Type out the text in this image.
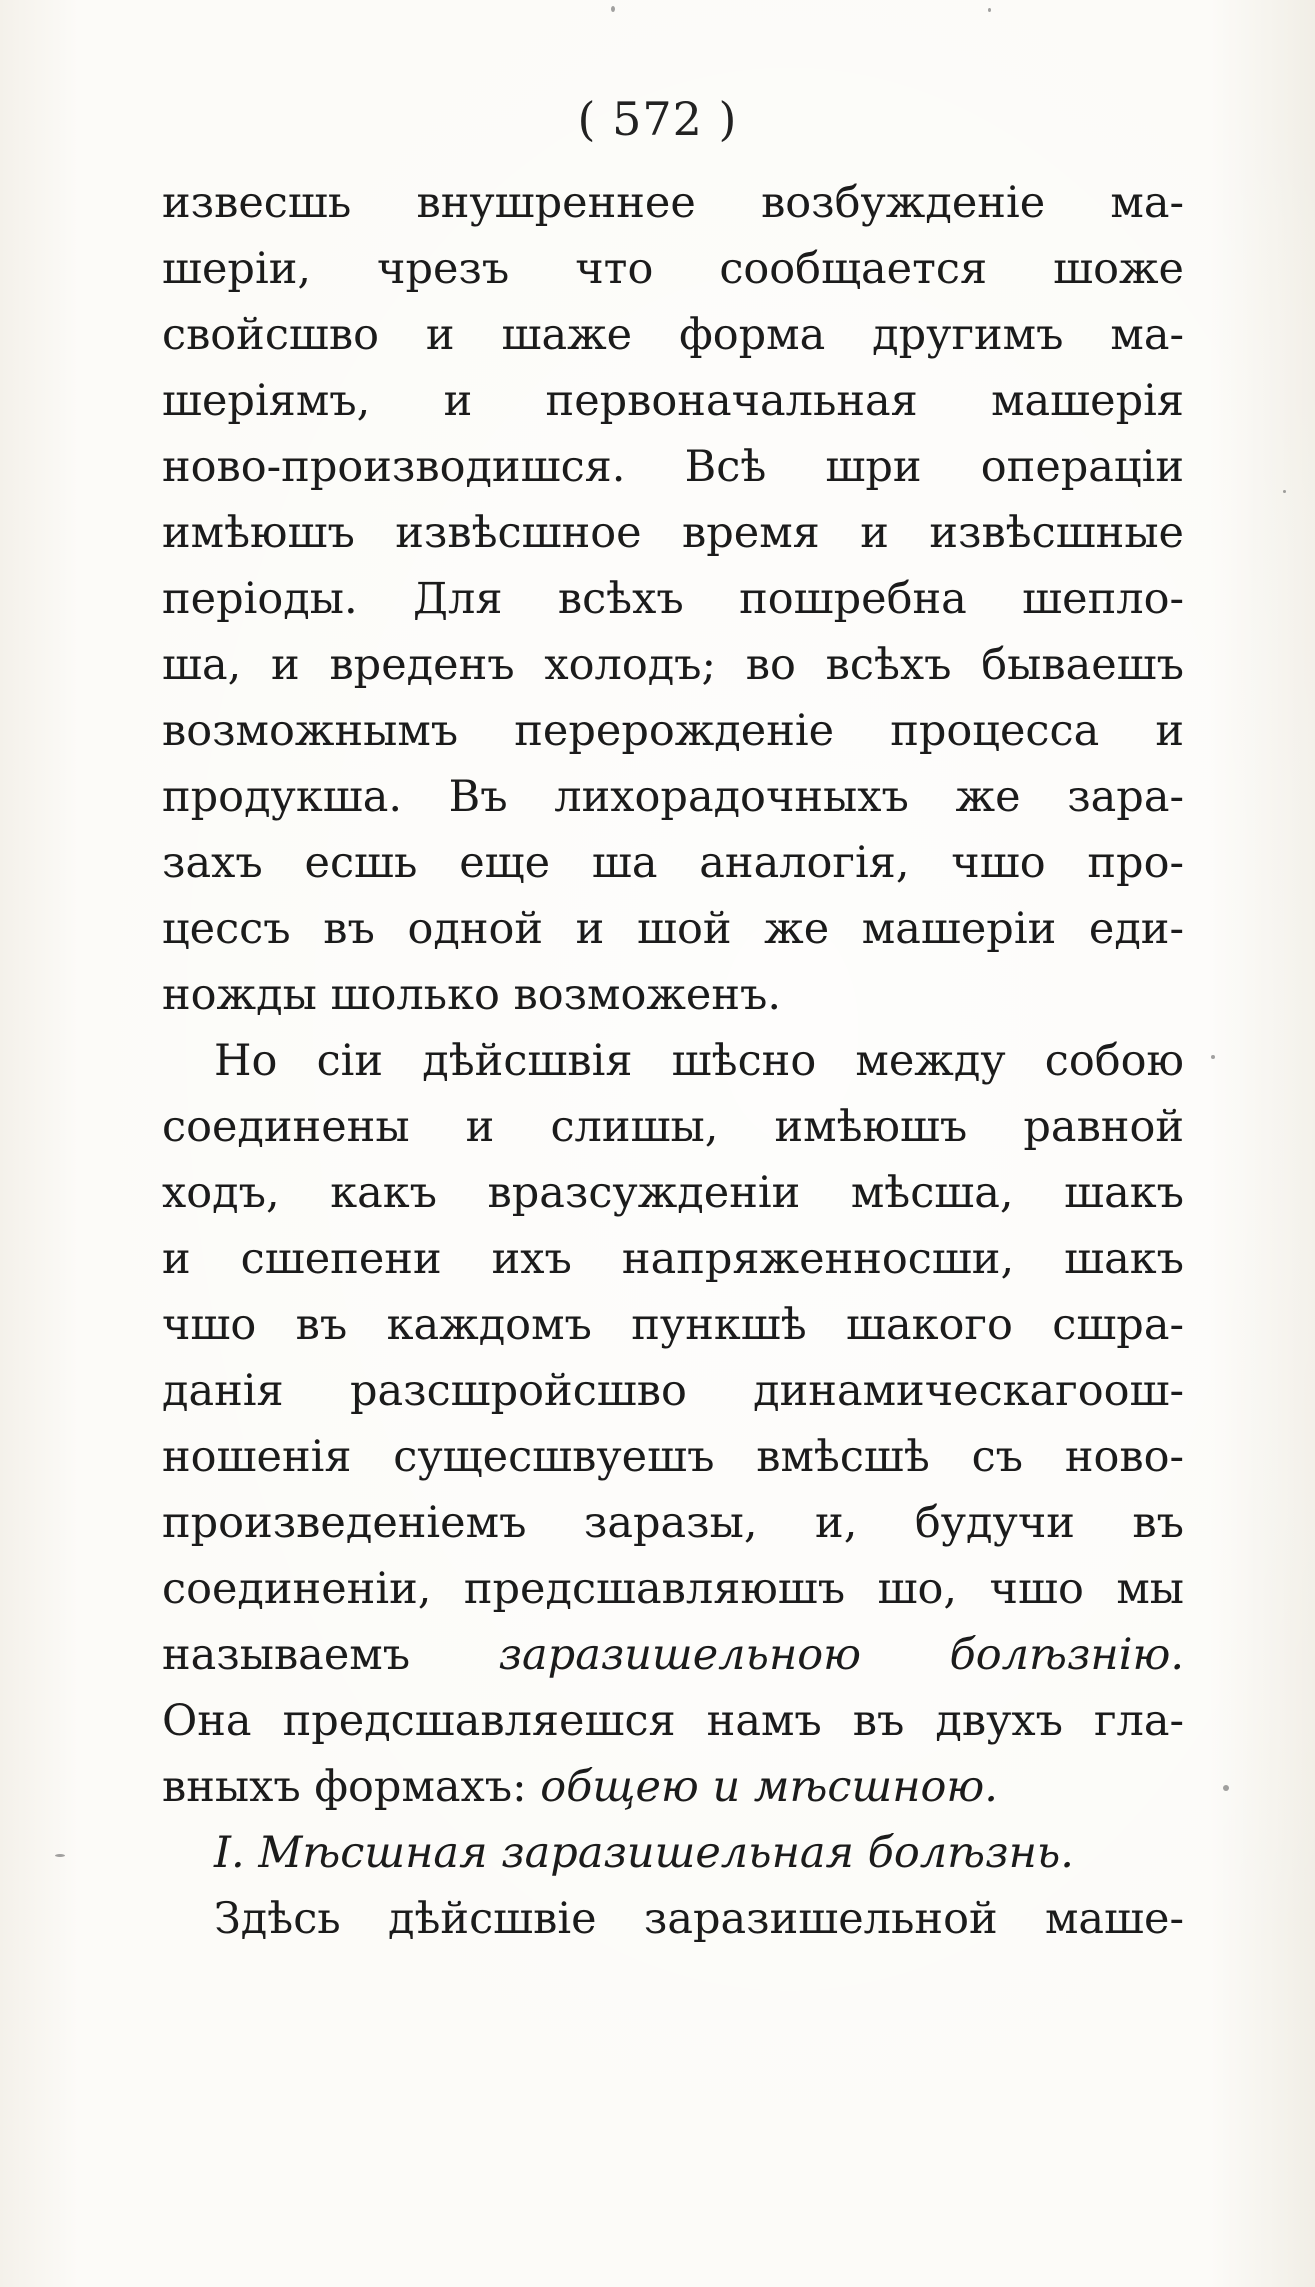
( 572 )
извесшь внушреннее возбужденіе ма-
шеріи, чрезъ что сообщается шоже
свойсшво и шаже форма другимъ ма-
шеріямъ, и первоначальная машерія
ново-производишся. Всѣ шри операціи
имѣюшъ извѣсшное время и извѣсшные
періоды. Для всѣхъ пошребна шепло-
ша, и вреденъ холодъ; во всѣхъ бываешъ
возможнымъ перерожденіе процесса и
продукша. Въ лихорадочныхъ же зара-
захъ есшь еще ша аналогія, чшо про-
цессъ въ одной и шой же машеріи еди-
ножды шолько возможенъ.
Но сіи дѣйсшвія шѣсно между собою
соединены и слишы, имѣюшъ равной
ходъ, какъ вразсужденіи мѣсша, шакъ
и сшепени ихъ напряженносши, шакъ
чшо въ каждомъ пункшѣ шакого сшра-
данія разсшройсшво динамическагоош-
ношенія сущесшвуешъ вмѣсшѣ съ ново-
произведеніемъ заразы, и, будучи въ
соединеніи, предсшавляюшъ шо, чшо мы
называемъ заразишельною болѣзнію.
Она предсшавляешся намъ въ двухъ гла-
вныхъ формахъ: общею и мѣсшною.
I. Мѣсшная заразишельная болѣзнь.
Здѣсь дѣйсшвіе заразишельной маше-
